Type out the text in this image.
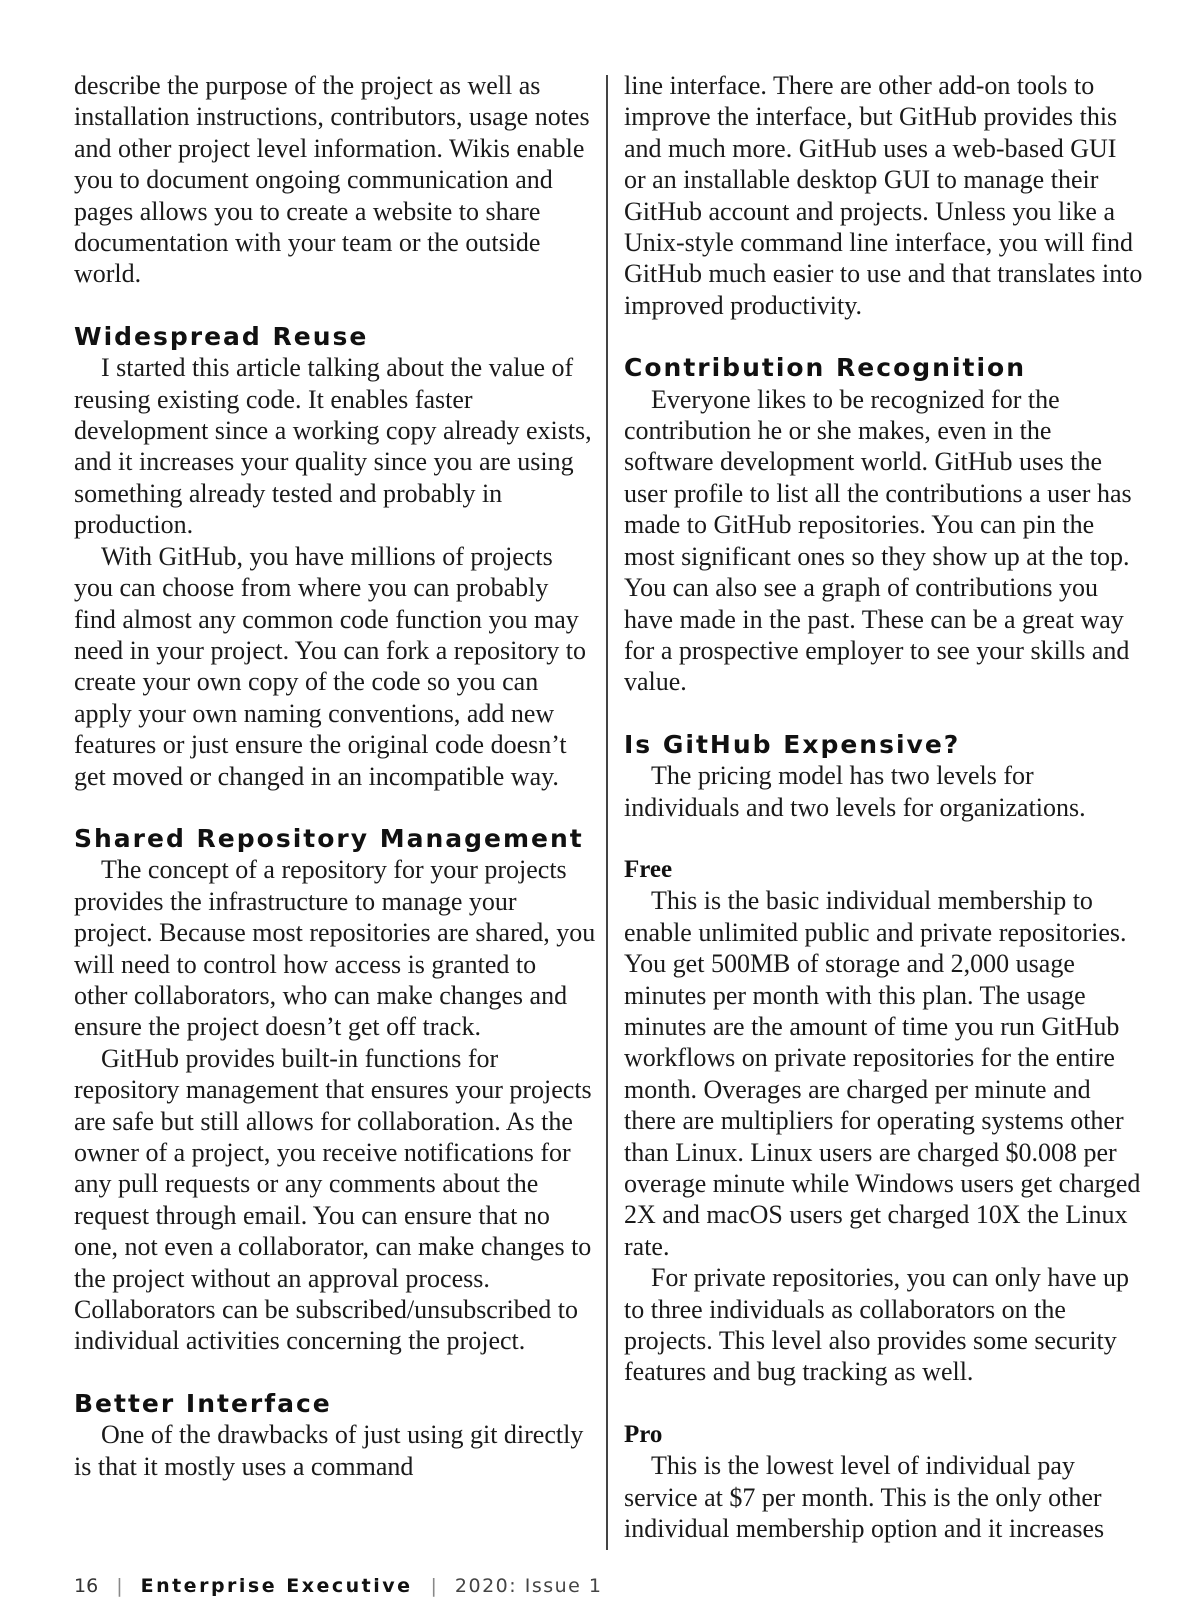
describe the purpose of the project as well as installation instructions, contributors, usage notes and other project level information. Wikis enable you to document ongoing communication and pages allows you to create a website to share documentation with your team or the outside world.

Widespread Reuse

I started this article talking about the value of reusing existing code. It enables faster development since a working copy already exists, and it increases your quality since you are using something already tested and probably in production.

With GitHub, you have millions of projects you can choose from where you can probably find almost any common code function you may need in your project. You can fork a repository to create your own copy of the code so you can apply your own naming conventions, add new features or just ensure the original code doesn’t get moved or changed in an incompatible way.

Shared Repository Management

The concept of a repository for your projects provides the infrastructure to manage your project. Because most repositories are shared, you will need to control how access is granted to other collaborators, who can make changes and ensure the project doesn’t get off track.

GitHub provides built-in functions for repository management that ensures your projects are safe but still allows for collaboration. As the owner of a project, you receive notifications for any pull requests or any comments about the request through email. You can ensure that no one, not even a collaborator, can make changes to the project without an approval process. Collaborators can be subscribed/unsubscribed to individual activities concerning the project.

Better Interface

One of the drawbacks of just using git directly is that it mostly uses a command

line interface. There are other add-on tools to improve the interface, but GitHub provides this and much more. GitHub uses a web-based GUI or an installable desktop GUI to manage their GitHub account and projects. Unless you like a Unix-style command line interface, you will find GitHub much easier to use and that translates into improved productivity.

Contribution Recognition

Everyone likes to be recognized for the contribution he or she makes, even in the software development world. GitHub uses the user profile to list all the contributions a user has made to GitHub repositories. You can pin the most significant ones so they show up at the top. You can also see a graph of contributions you have made in the past. These can be a great way for a prospective employer to see your skills and value.

Is GitHub Expensive?

The pricing model has two levels for individuals and two levels for organizations.

Free

This is the basic individual membership to enable unlimited public and private repositories. You get 500MB of storage and 2,000 usage minutes per month with this plan. The usage minutes are the amount of time you run GitHub workflows on private repositories for the entire month. Overages are charged per minute and there are multipliers for operating systems other than Linux. Linux users are charged $0.008 per overage minute while Windows users get charged 2X and macOS users get charged 10X the Linux rate.

For private repositories, you can only have up to three individuals as collaborators on the projects. This level also provides some security features and bug tracking as well.

Pro

This is the lowest level of individual pay service at $7 per month. This is the only other individual membership option and it increases

16 | Enterprise Executive | 2020: Issue 1
